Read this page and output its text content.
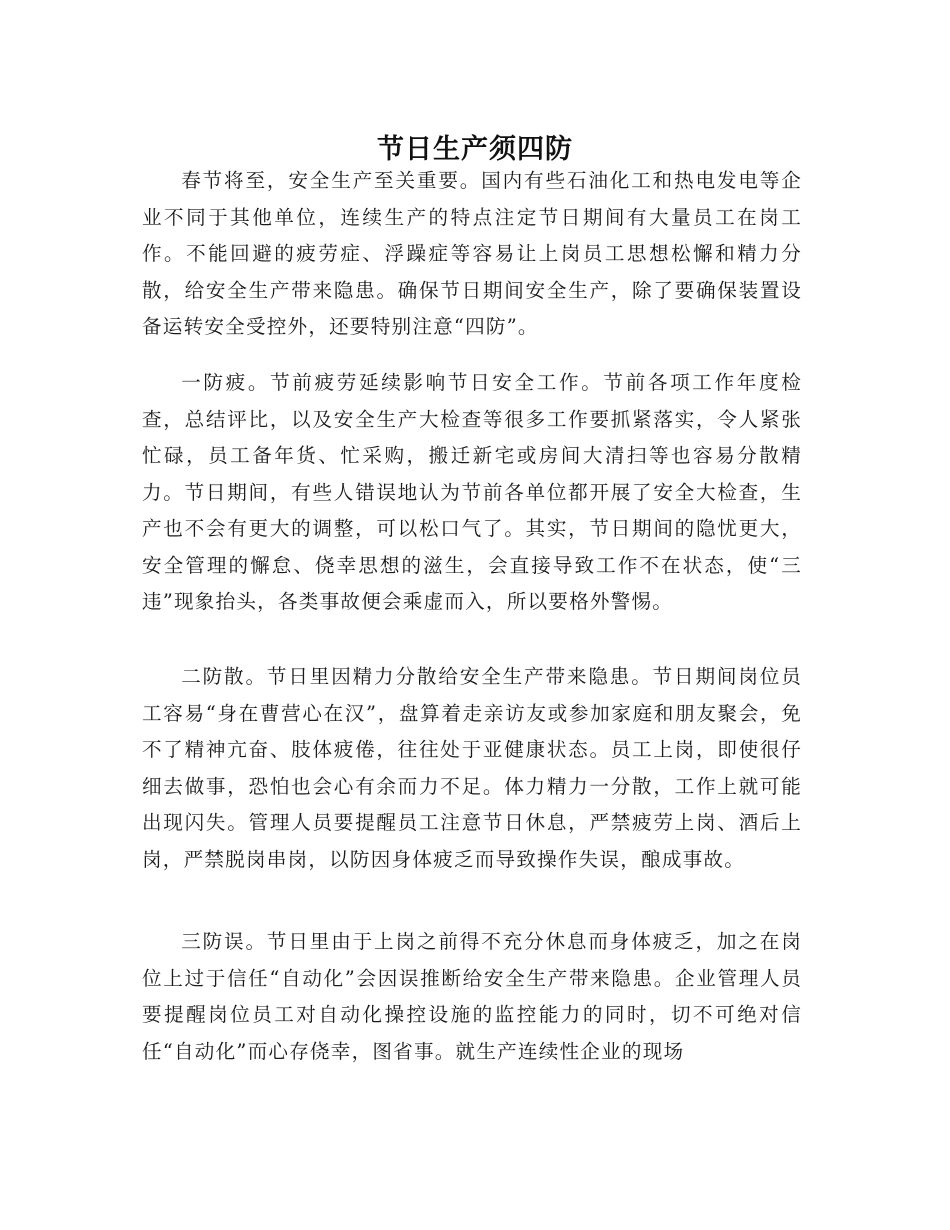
节日生产须四防

春节将至，安全生产至关重要。国内有些石油化工和热电发电等企业不同于其他单位，连续生产的特点注定节日期间有大量员工在岗工作。不能回避的疲劳症、浮躁症等容易让上岗员工思想松懈和精力分散，给安全生产带来隐患。确保节日期间安全生产，除了要确保装置设备运转安全受控外，还要特别注意“四防”。

一防疲。节前疲劳延续影响节日安全工作。节前各项工作年度检查，总结评比，以及安全生产大检查等很多工作要抓紧落实，令人紧张忙碌，员工备年货、忙采购，搬迁新宅或房间大清扫等也容易分散精力。节日期间，有些人错误地认为节前各单位都开展了安全大检查，生产也不会有更大的调整，可以松口气了。其实，节日期间的隐忧更大，安全管理的懈怠、侥幸思想的滋生，会直接导致工作不在状态，使“三违”现象抬头，各类事故便会乘虚而入，所以要格外警惕。

二防散。节日里因精力分散给安全生产带来隐患。节日期间岗位员工容易“身在曹营心在汉”，盘算着走亲访友或参加家庭和朋友聚会，免不了精神亢奋、肢体疲倦，往往处于亚健康状态。员工上岗，即使很仔细去做事，恐怕也会心有余而力不足。体力精力一分散，工作上就可能出现闪失。管理人员要提醒员工注意节日休息，严禁疲劳上岗、酒后上岗，严禁脱岗串岗，以防因身体疲乏而导致操作失误，酿成事故。

三防误。节日里由于上岗之前得不充分休息而身体疲乏，加之在岗位上过于信任“自动化”会因误推断给安全生产带来隐患。企业管理人员要提醒岗位员工对自动化操控设施的监控能力的同时，切不可绝对信任“自动化”而心存侥幸，图省事。就生产连续性企业的现场
